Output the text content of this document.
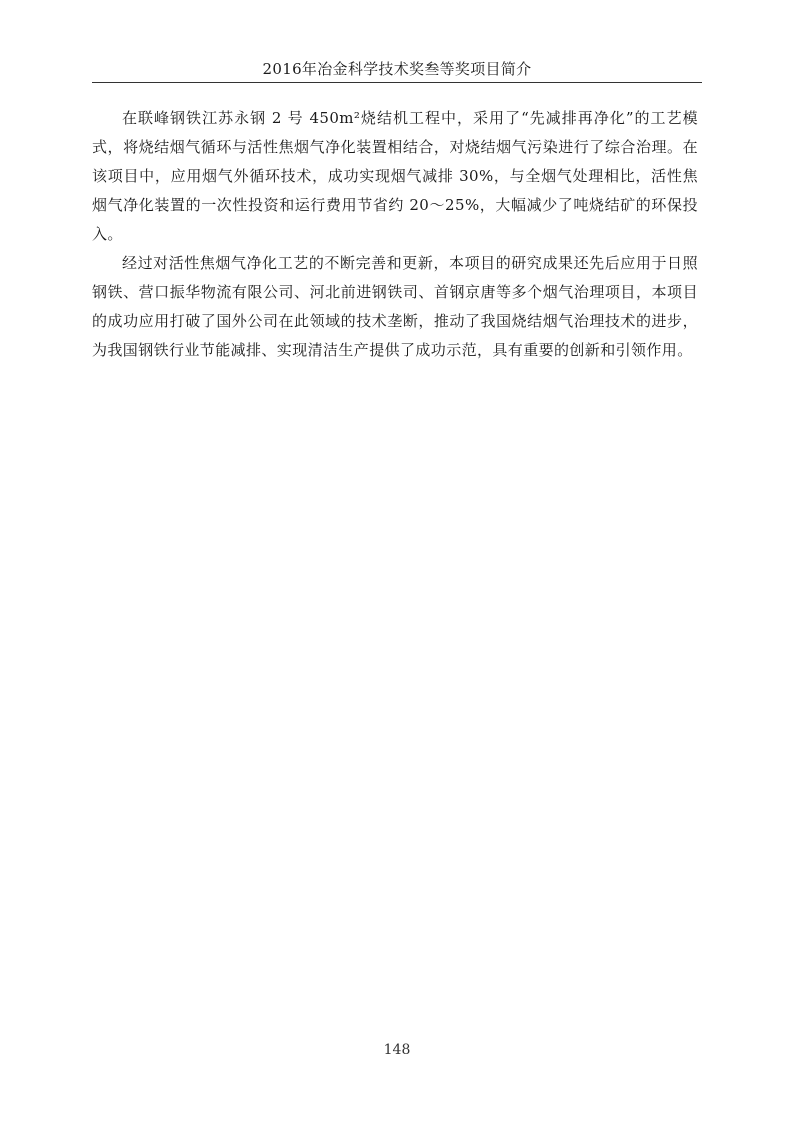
2016年冶金科学技术奖叁等奖项目简介

在联峰钢铁江苏永钢 2 号 450m²烧结机工程中，采用了“先减排再净化”的工艺模式，将烧结烟气循环与活性焦烟气净化装置相结合，对烧结烟气污染进行了综合治理。在该项目中，应用烟气外循环技术，成功实现烟气减排 30%，与全烟气处理相比，活性焦烟气净化装置的一次性投资和运行费用节省约 20～25%，大幅减少了吨烧结矿的环保投入。

经过对活性焦烟气净化工艺的不断完善和更新，本项目的研究成果还先后应用于日照钢铁、营口振华物流有限公司、河北前进钢铁司、首钢京唐等多个烟气治理项目，本项目的成功应用打破了国外公司在此领域的技术垄断，推动了我国烧结烟气治理技术的进步，为我国钢铁行业节能减排、实现清洁生产提供了成功示范，具有重要的创新和引领作用。

148
